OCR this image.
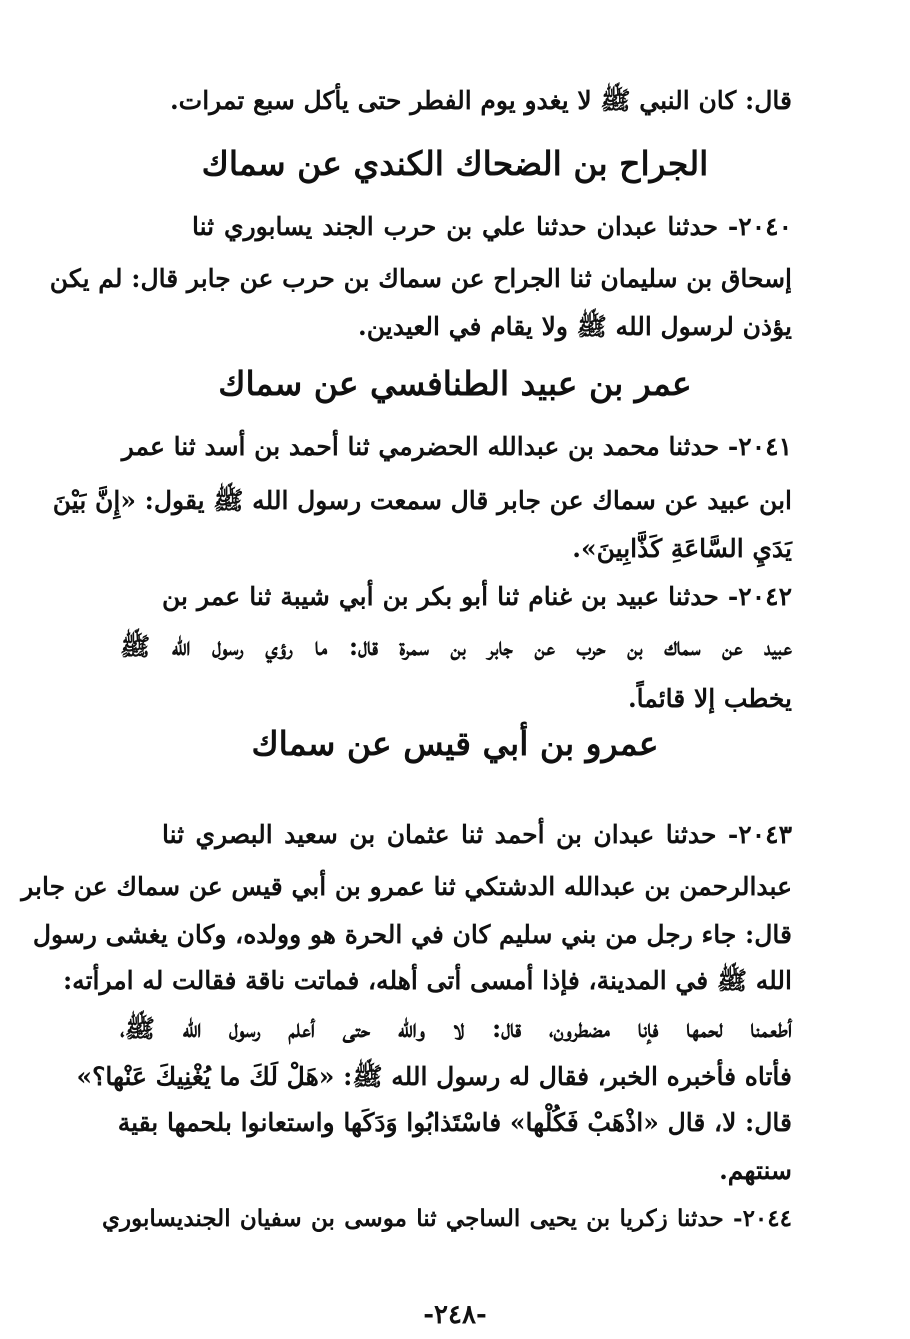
قال: كان النبي ﷺ لا يغدو يوم الفطر حتى يأكل سبع تمرات.
الجراح بن الضحاك الكندي عن سماك
٢٠٤٠- حدثنا عبدان حدثنا علي بن حرب الجند يسابوري ثنا
إسحاق بن سليمان ثنا الجراح عن سماك بن حرب عن جابر قال: لم يكن
يؤذن لرسول الله ﷺ ولا يقام في العيدين.
عمر بن عبيد الطنافسي عن سماك
٢٠٤١- حدثنا محمد بن عبدالله الحضرمي ثنا أحمد بن أسد ثنا عمر
ابن عبيد عن سماك عن جابر قال سمعت رسول الله ﷺ يقول: «إِنَّ بَيْنَ
يَدَيِ السَّاعَةِ كَذَّابِينَ».
٢٠٤٢- حدثنا عبيد بن غنام ثنا أبو بكر بن أبي شيبة ثنا عمر بن
عبيد عن سماك بن حرب عن جابر بن سمرة قال: ما رؤي رسول الله ﷺ
يخطب إلا قائماً.
عمرو بن أبي قيس عن سماك
٢٠٤٣- حدثنا عبدان بن أحمد ثنا عثمان بن سعيد البصري ثنا
عبدالرحمن بن عبدالله الدشتكي ثنا عمرو بن أبي قيس عن سماك عن جابر
قال: جاء رجل من بني سليم كان في الحرة هو وولده، وكان يغشى رسول
الله ﷺ في المدينة، فإذا أمسى أتى أهله، فماتت ناقة فقالت له امرأته:
أطعمنا لحمها فإنا مضطرون، قال: لا والله حتى أعلم رسول الله ﷺ،
فأتاه فأخبره الخبر، فقال له رسول الله ﷺ: «هَلْ لَكَ ما يُغْنِيكَ عَنْها؟»
قال: لا، قال «اذْهَبْ فَكُلْها» فاسْتَذابُوا وَدَكَها واستعانوا بلحمها بقية
سنتهم.
٢٠٤٤- حدثنا زكريا بن يحيى الساجي ثنا موسى بن سفيان الجنديسابوري
-٢٤٨-
